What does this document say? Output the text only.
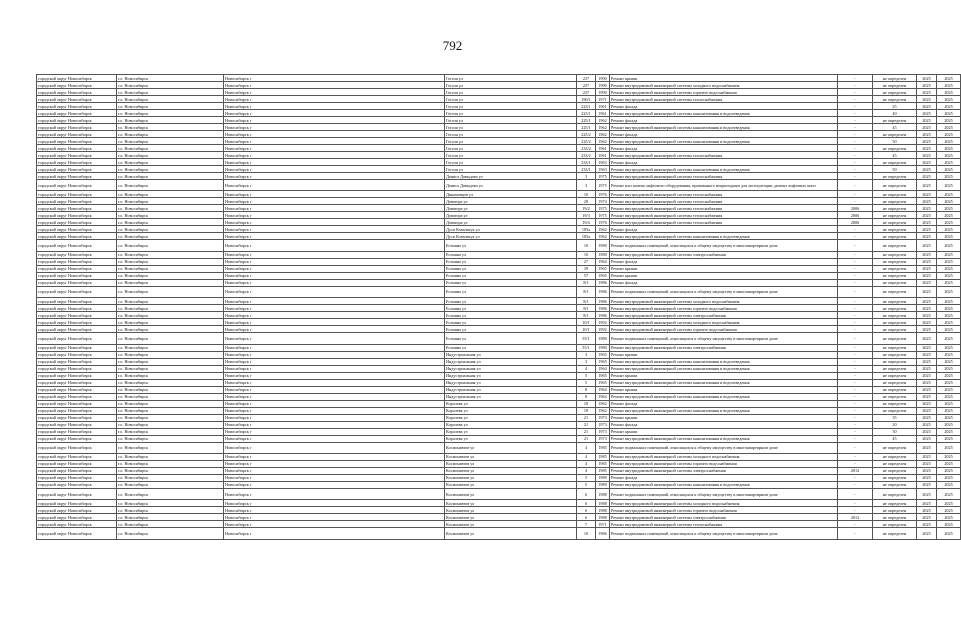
792
городской округ Новосибирск	г.о. Новосибирск	Новосибирск г	Гоголя ул	237	1990	Ремонт крыши	-	не определен	2025	2025
городской округ Новосибирск	г.о. Новосибирск	Новосибирск г	Гоголя ул	237	1990	Ремонт внутридомовой инженерной системы холодного водоснабжения	-	не определен	2025	2025
городской округ Новосибирск	г.о. Новосибирск	Новосибирск г	Гоголя ул	237	1990	Ремонт внутридомовой инженерной системы горячего водоснабжения	-	не определен	2025	2025
городской округ Новосибирск	г.о. Новосибирск	Новосибирск г	Гоголя ул	190/1	1971	Ремонт внутридомовой инженерной системы теплоснабжения	-	не определен	2025	2025
городской округ Новосибирск	г.о. Новосибирск	Новосибирск г	Гоголя ул	223/1	1961	Ремонт фасада	-	25	2025	2025
городской округ Новосибирск	г.о. Новосибирск	Новосибирск г	Гоголя ул	223/1	1961	Ремонт внутридомовой инженерной системы канализования и водоотведения	-	40	2025	2025
городской округ Новосибирск	г.о. Новосибирск	Новосибирск г	Гоголя ул	225/1	1962	Ремонт фасада	-	не определен	2025	2025
городской округ Новосибирск	г.о. Новосибирск	Новосибирск г	Гоголя ул	225/1	1962	Ремонт внутридомовой инженерной системы канализования и водоотведения	-	45	2025	2025
городской округ Новосибирск	г.о. Новосибирск	Новосибирск г	Гоголя ул	225/2	1962	Ремонт фасада	-	не определен	2025	2025
городской округ Новосибирск	г.о. Новосибирск	Новосибирск г	Гоголя ул	225/2	1962	Ремонт внутридомовой инженерной системы канализования и водоотведения	-	50	2025	2025
городской округ Новосибирск	г.о. Новосибирск	Новосибирск г	Гоголя ул	233/2	1961	Ремонт фасада	-	не определен	2025	2025
городской округ Новосибирск	г.о. Новосибирск	Новосибирск г	Гоголя ул	233/2	1961	Ремонт внутридомовой инженерной системы теплоснабжения	-	45	2025	2025
городской округ Новосибирск	г.о. Новосибирск	Новосибирск г	Гоголя ул	233/1	1963	Ремонт фасада	-	не определен	2025	2025
городской округ Новосибирск	г.о. Новосибирск	Новосибирск г	Гоголя ул	233/1	1963	Ремонт внутридомовой инженерной системы канализования и водоотведения	-	50	2025	2025
городской округ Новосибирск	г.о. Новосибирск	Новосибирск г	Дениса Давыдова ул	3	1975	Ремонт внутридомовой инженерной системы теплоснабжения	-	не определен	2025	2025
городской округ Новосибирск	г.о. Новосибирск	Новосибирск г	Дениса Давыдова ул	3	1975	Ремонт или замена лифтового оборудования, признанного непригодным для эксплуатации, ремонт лифтовых шахт	-	не определен	2025	2025
городской округ Новосибирск	г.о. Новосибирск	Новосибирск г	Динамовцев ул	10	1976	Ремонт внутридомовой инженерной системы теплоснабжения	-	не определен	2025	2025
городской округ Новосибирск	г.о. Новосибирск	Новосибирск г	Доватора ул	29	1974	Ремонт внутридомовой инженерной системы теплоснабжения	-	не определен	2025	2025
городской округ Новосибирск	г.о. Новосибирск	Новосибирск г	Доватора ул	19/2	1975	Ремонт внутридомовой инженерной системы теплоснабжения	2006	не определен	2025	2025
городской округ Новосибирск	г.о. Новосибирск	Новосибирск г	Доватора ул	19/3	1975	Ремонт внутридомовой инженерной системы теплоснабжения	2006	не определен	2025	2025
городской округ Новосибирск	г.о. Новосибирск	Новосибирск г	Доватора ул	19/4	1976	Ремонт внутридомовой инженерной системы теплоснабжения	2006	не определен	2025	2025
городской округ Новосибирск	г.о. Новосибирск	Новосибирск г	Дуси Ковальчук ул	185а	1962	Ремонт фасада	-	не определен	2025	2025
городской округ Новосибирск	г.о. Новосибирск	Новосибирск г	Дуси Ковальчук ул	185а	1962	Ремонт внутридомовой инженерной системы канализования и водоотведения	-	не определен	2025	2025
городской округ Новосибирск	г.о. Новосибирск	Новосибирск г	Есенина ул	10	1980	Ремонт подвальных помещений, относящихся к общему имуществу в многоквартирном доме	-	не определен	2025	2025
городской округ Новосибирск	г.о. Новосибирск	Новосибирск г	Есенина ул	10	1980	Ремонт внутридомовой инженерной системы электроснабжения	-	не определен	2025	2025
городской округ Новосибирск	г.о. Новосибирск	Новосибирск г	Есенина ул	27	1964	Ремонт фасада	-	не определен	2025	2025
городской округ Новосибирск	г.о. Новосибирск	Новосибирск г	Есенина ул	39	1965	Ремонт крыши	-	не определен	2025	2025
городской округ Новосибирск	г.о. Новосибирск	Новосибирск г	Есенина ул	57	1965	Ремонт крыши	-	не определен	2025	2025
городской округ Новосибирск	г.о. Новосибирск	Новосибирск г	Есенина ул	8/1	1986	Ремонт фасада	-	не определен	2025	2025
городской округ Новосибирск	г.о. Новосибирск	Новосибирск г	Есенина ул	8/1	1986	Ремонт подвальных помещений, относящихся к общему имуществу в многоквартирном доме	-	не определен	2025	2025
городской округ Новосибирск	г.о. Новосибирск	Новосибирск г	Есенина ул	8/1	1986	Ремонт внутридомовой инженерной системы холодного водоснабжения	-	не определен	2025	2025
городской округ Новосибирск	г.о. Новосибирск	Новосибирск г	Есенина ул	8/1	1986	Ремонт внутридомовой инженерной системы горячего водоснабжения	-	не определен	2025	2025
городской округ Новосибирск	г.о. Новосибирск	Новосибирск г	Есенина ул	8/1	1986	Ремонт внутридомовой инженерной системы электроснабжения	-	не определен	2025	2025
городской округ Новосибирск	г.о. Новосибирск	Новосибирск г	Есенина ул	10/1	1992	Ремонт внутридомовой инженерной системы холодного водоснабжения	-	не определен	2025	2025
городской округ Новосибирск	г.о. Новосибирск	Новосибирск г	Есенина ул	10/1	1992	Ремонт внутридомовой инженерной системы горячего водоснабжения	-	не определен	2025	2025
городской округ Новосибирск	г.о. Новосибирск	Новосибирск г	Есенина ул	55/1	1980	Ремонт подвальных помещений, относящихся к общему имуществу в многоквартирном доме	-	не определен	2025	2025
городской округ Новосибирск	г.о. Новосибирск	Новосибирск г	Есенина ул	55/1	1980	Ремонт внутридомовой инженерной системы электроснабжения	-	не определен	2025	2025
городской округ Новосибирск	г.о. Новосибирск	Новосибирск г	Индустриальная ул	3	1965	Ремонт крыши	-	не определен	2025	2025
городской округ Новосибирск	г.о. Новосибирск	Новосибирск г	Индустриальная ул	3	1965	Ремонт внутридомовой инженерной системы канализования и водоотведения	-	не определен	2025	2025
городской округ Новосибирск	г.о. Новосибирск	Новосибирск г	Индустриальная ул	4	1964	Ремонт внутридомовой инженерной системы канализования и водоотведения	-	не определен	2025	2025
городской округ Новосибирск	г.о. Новосибирск	Новосибирск г	Индустриальная ул	5	1965	Ремонт крыши	-	не определен	2025	2025
городской округ Новосибирск	г.о. Новосибирск	Новосибирск г	Индустриальная ул	5	1965	Ремонт внутридомовой инженерной системы канализования и водоотведения	-	не определен	2025	2025
городской округ Новосибирск	г.о. Новосибирск	Новосибирск г	Индустриальная ул	8	1964	Ремонт крыши	-	не определен	2025	2025
городской округ Новосибирск	г.о. Новосибирск	Новосибирск г	Индустриальная ул	8	1964	Ремонт внутридомовой инженерной системы канализования и водоотведения	-	не определен	2025	2025
городской округ Новосибирск	г.о. Новосибирск	Новосибирск г	Королева ул	18	1962	Ремонт фасада	-	не определен	2025	2025
городской округ Новосибирск	г.о. Новосибирск	Новосибирск г	Королева ул	18	1962	Ремонт внутридомовой инженерной системы канализования и водоотведения	-	не определен	2025	2025
городской округ Новосибирск	г.о. Новосибирск	Новосибирск г	Королева ул	21	1973	Ремонт крыши	-	35	2025	2025
городской округ Новосибирск	г.о. Новосибирск	Новосибирск г	Королева ул	21	1973	Ремонт фасада	-	20	2025	2025
городской округ Новосибирск	г.о. Новосибирск	Новосибирск г	Королева ул	21	1973	Ремонт крыши	-	30	2025	2025
городской округ Новосибирск	г.о. Новосибирск	Новосибирск г	Королева ул	21	1973	Ремонт внутридомовой инженерной системы канализования и водоотведения	-	45	2025	2025
городской округ Новосибирск	г.о. Новосибирск	Новосибирск г	Космонавтов ул	4	1985	Ремонт подвальных помещений, относящихся к общему имуществу в многоквартирном доме	-	не определен	2025	2025
городской округ Новосибирск	г.о. Новосибирск	Новосибирск г	Космонавтов ул	4	1985	Ремонт внутридомовой инженерной системы холодного водоснабжения	-	не определен	2025	2025
городской округ Новосибирск	г.о. Новосибирск	Новосибирск г	Космонавтов ул	4	1985	Ремонт внутридомовой инженерной системы горячего водоснабжения	-	не определен	2025	2025
городской округ Новосибирск	г.о. Новосибирск	Новосибирск г	Космонавтов ул	4	1985	Ремонт внутридомовой инженерной системы электроснабжения	2012	не определен	2025	2025
городской округ Новосибирск	г.о. Новосибирск	Новосибирск г	Космонавтов ул	5	1989	Ремонт фасада	-	не определен	2025	2025
городской округ Новосибирск	г.о. Новосибирск	Новосибирск г	Космонавтов ул	5	1989	Ремонт внутридомовой инженерной системы канализования и водоотведения	-	не определен	2025	2025
городской округ Новосибирск	г.о. Новосибирск	Новосибирск г	Космонавтов ул	6	1988	Ремонт подвальных помещений, относящихся к общему имуществу в многоквартирном доме	-	не определен	2025	2025
городской округ Новосибирск	г.о. Новосибирск	Новосибирск г	Космонавтов ул	6	1988	Ремонт внутридомовой инженерной системы холодного водоснабжения	-	не определен	2025	2025
городской округ Новосибирск	г.о. Новосибирск	Новосибирск г	Космонавтов ул	6	1988	Ремонт внутридомовой инженерной системы горячего водоснабжения	-	не определен	2025	2025
городской округ Новосибирск	г.о. Новосибирск	Новосибирск г	Космонавтов ул	6	1988	Ремонт внутридомовой инженерной системы электроснабжения	2012	не определен	2025	2025
городской округ Новосибирск	г.о. Новосибирск	Новосибирск г	Космонавтов ул	7	1971	Ремонт внутридомовой инженерной системы теплоснабжения	-	не определен	2025	2025
городской округ Новосибирск	г.о. Новосибирск	Новосибирск г	Космонавтов ул	10	1986	Ремонт подвальных помещений, относящихся к общему имуществу в многоквартирном доме	-	не определен	2025	2025
